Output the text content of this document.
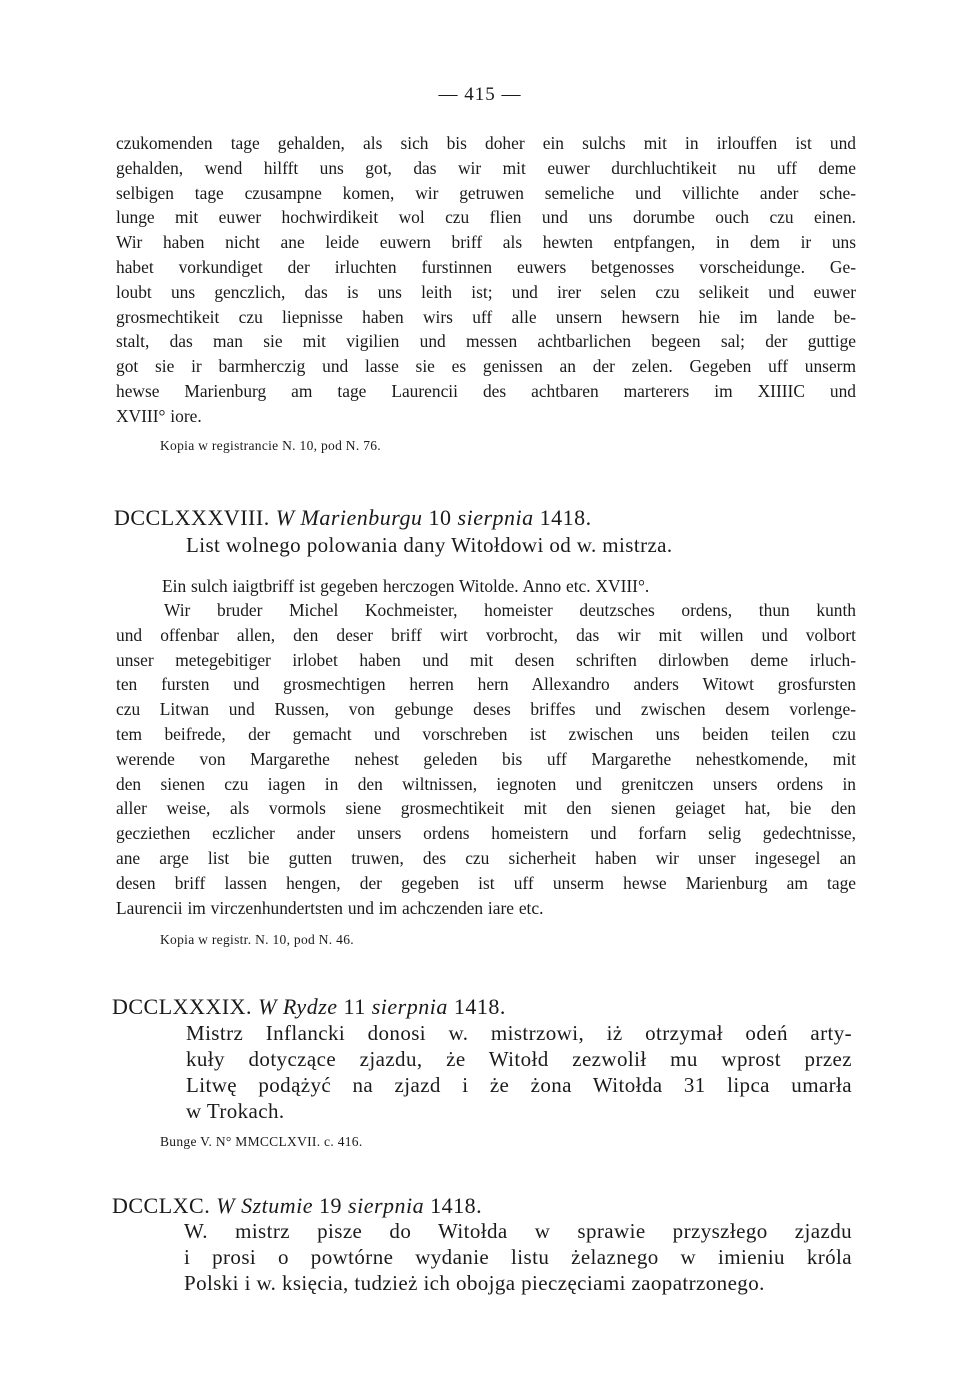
— 415 —
czukomenden tage gehalden, als sich bis doher ein sulchs mit in irlouffen ist und
gehalden, wend hilfft uns got, das wir mit euwer durchluchtikeit nu uff deme
selbigen tage czusampne komen, wir getruwen semeliche und villichte ander sche-
lunge mit euwer hochwirdikeit wol czu flien und uns dorumbe ouch czu einen.
Wir haben nicht ane leide euwern briff als hewten entpfangen, in dem ir uns
habet vorkundiget der irluchten furstinnen euwers betgenosses vorscheidunge. Ge-
loubt uns genczlich, das is uns leith ist; und irer selen czu selikeit und euwer
grosmechtikeit czu liepnisse haben wirs uff alle unsern hewsern hie im lande be-
stalt, das man sie mit vigilien und messen achtbarlichen begeen sal; der guttige
got sie ir barmherczig und lasse sie es genissen an der zelen. Gegeben uff unserm
hewse Marienburg am tage Laurencii des achtbaren marterers im XIIIIC und
XVIII° iore.
Kopia w registrancie N. 10, pod N. 76.
DCCLXXXVIII. W Marienburgu 10 sierpnia 1418.
List wolnego polowania dany Witołdowi od w. mistrza.
Ein sulch iaigtbriff ist gegeben herczogen Witolde. Anno etc. XVIII°.
Wir bruder Michel Kochmeister, homeister deutzsches ordens, thun kunth
und offenbar allen, den deser briff wirt vorbrocht, das wir mit willen und volbort
unser metegebitiger irlobet haben und mit desen schriften dirlowben deme irluch-
ten fursten und grosmechtigen herren hern Allexandro anders Witowt grosfursten
czu Litwan und Russen, von gebunge deses briffes und zwischen desem vorlenge-
tem beifrede, der gemacht und vorschreben ist zwischen uns beiden teilen czu
werende von Margarethe nehest geleden bis uff Margarethe nehestkomende, mit
den sienen czu iagen in den wiltnissen, iegnoten und grenitczen unsers ordens in
aller weise, als vormols siene grosmechtikeit mit den sienen geiaget hat, bie den
gecziethen eczlicher ander unsers ordens homeistern und forfarn selig gedechtnisse,
ane arge list bie gutten truwen, des czu sicherheit haben wir unser ingesegel an
desen briff lassen hengen, der gegeben ist uff unserm hewse Marienburg am tage
Laurencii im virczenhundertsten und im achczenden iare etc.
Kopia w registr. N. 10, pod N. 46.
DCCLXXXIX. W Rydze 11 sierpnia 1418.
Mistrz Inflancki donosi w. mistrzowi, iż otrzymał odeń arty-
kuły dotyczące zjazdu, że Witołd zezwolił mu wprost przez
Litwę podążyć na zjazd i że żona Witołda 31 lipca umarła
w Trokach.
Bunge V. N° MMCCLXVII. c. 416.
DCCLXC. W Sztumie 19 sierpnia 1418.
W. mistrz pisze do Witołda w sprawie przyszłego zjazdu
i prosi o powtórne wydanie listu żelaznego w imieniu króla
Polski i w. księcia, tudzież ich obojga pieczęciami zaopatrzonego.
